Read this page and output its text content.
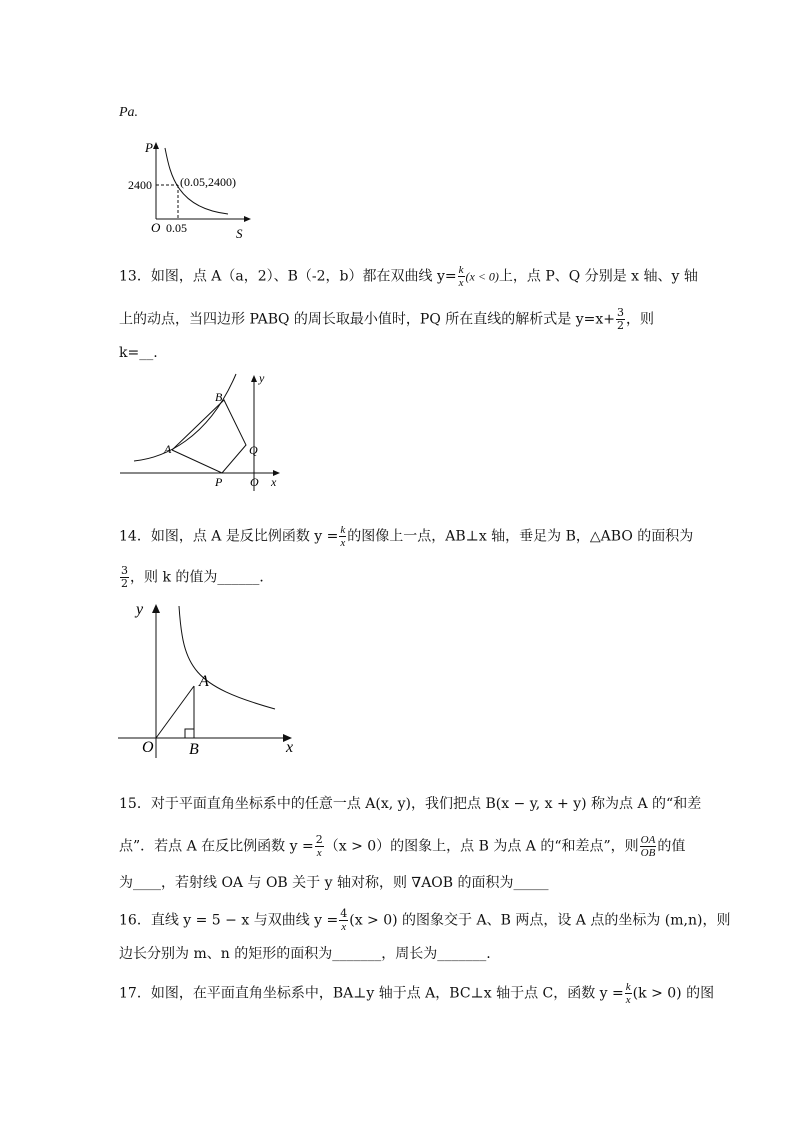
Pa.
P
S
O 0.05
2400 (0.05,2400)
13．如图，点 A（a，2）、B（-2，b）都在双曲线 $y= \frac{k}{x} (x < 0)$上，点 P、Q 分别是 x 轴、y 轴
上的动点，当四边形 PABQ 的周长取最小值时，PQ 所在直线的解析式是 $y=x+ \frac{3}{2}$ ，则
k=__.
A
B
P
Q
O x
y
14．如图，点 A 是反比例函数 $y = \frac{k}{x}$ 的图像上一点，AB⊥x 轴，垂足为 B，△ABO 的面积为
$\frac{3}{2}$ ，则 k 的值为______．
A
B
O	x
y
15．对于平面直角坐标系中的任意一点 A(x, y)，我们把点 B(x − y, x + y) 称为点 A 的“和差
点”．若点 A 在反比例函数 $y = \frac{2}{x} (x > 0)$的图象上，点 B 为点 A 的“和差点”，则 $\frac{OA}{OB}$ 的值
为____，若射线 OA 与 OB 关于 y 轴对称，则 ∇AOB 的面积为_____
16．直线 y = 5 − x 与双曲线 $y = \frac{4}{x} (x > 0)$ 的图象交于 A、B 两点，设 A 点的坐标为 (m,n)，则
边长分别为 m、n 的矩形的面积为_______，周长为_______.
17．如图，在平面直角坐标系中，BA⊥y 轴于点 A，BC⊥x 轴于点 C，函数 $y = \frac{k}{x} (k > 0)$ 的图
